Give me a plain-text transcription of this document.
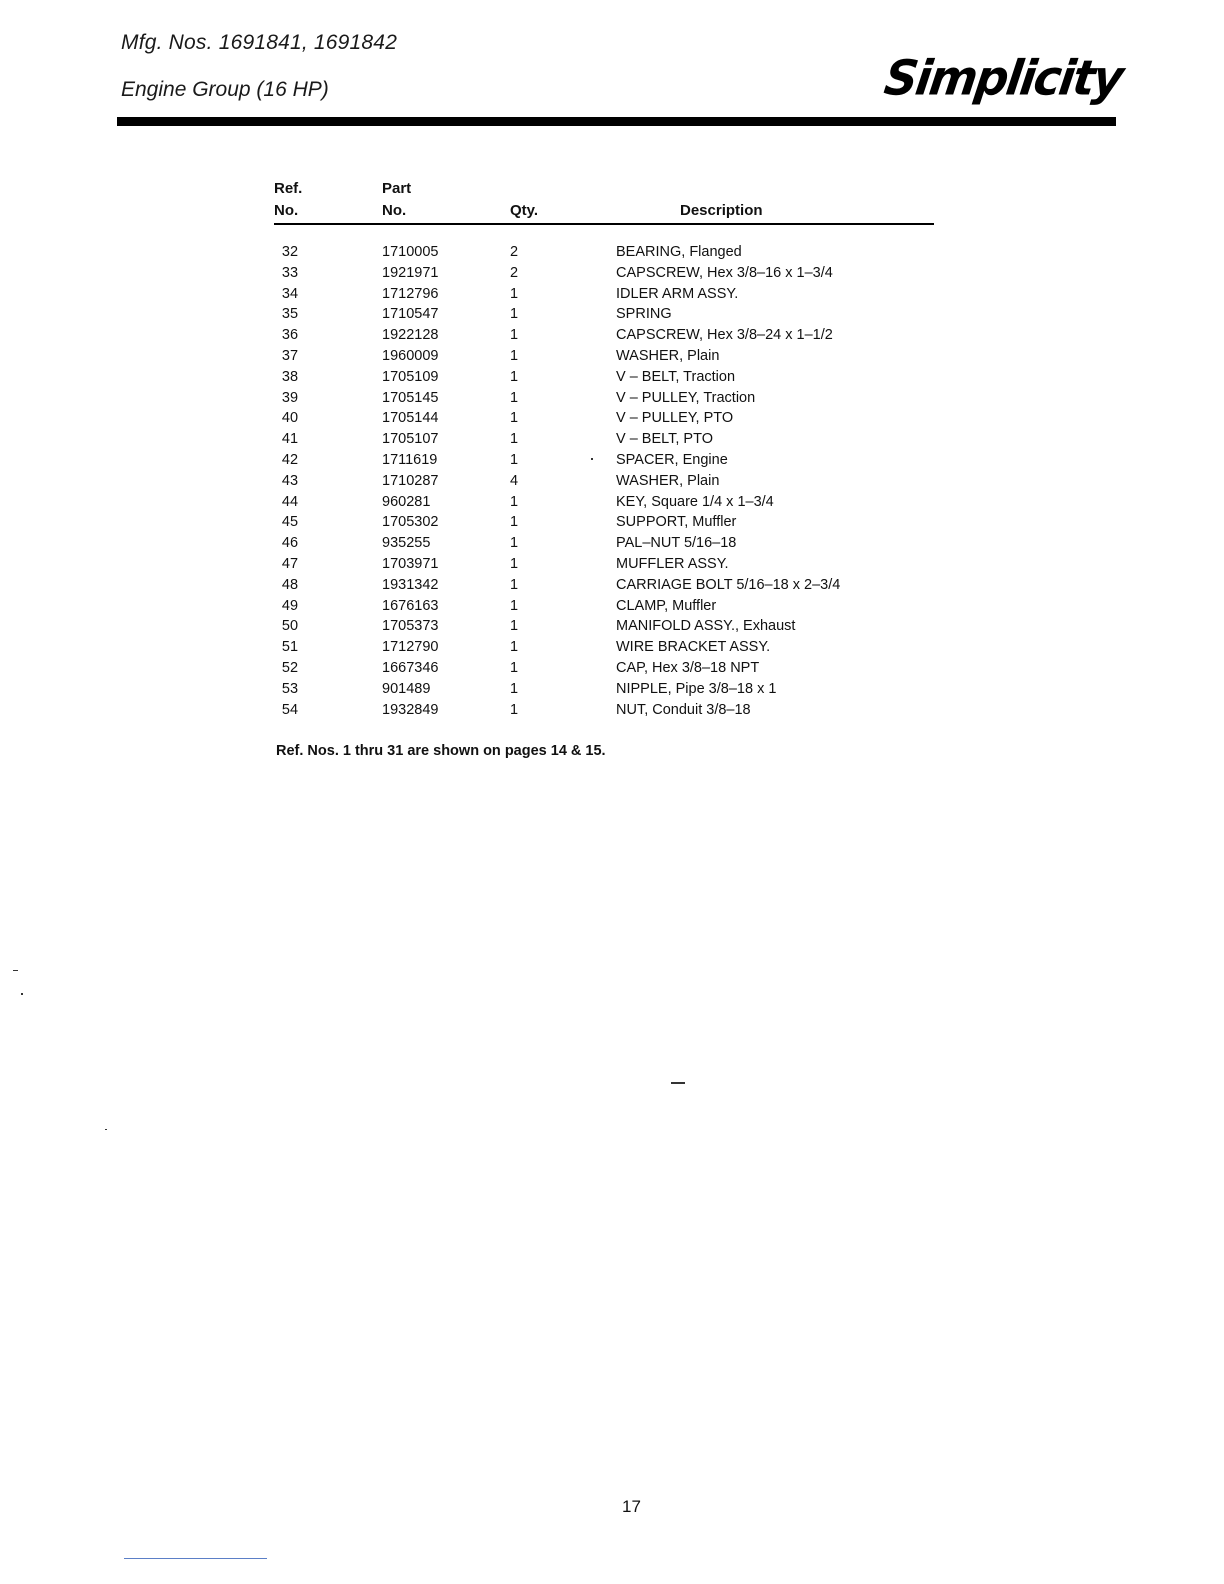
Mfg. Nos. 1691841, 1691842
Engine Group (16 HP)	Simplicity
Ref.
No.
Part
No.	Qty.	Description
32	1710005	2	BEARING, Flanged
33	1921971	2	CAPSCREW, Hex 3/8–16 x 1–3/4
34	1712796	1	IDLER ARM ASSY.
35	1710547	1	SPRING
36	1922128	1	CAPSCREW, Hex 3/8–24 x 1–1/2
37	1960009	1	WASHER, Plain
38	1705109	1	V – BELT, Traction
39	1705145	1	V – PULLEY, Traction
40	1705144	1	V – PULLEY, PTO
41	1705107	1	V – BELT, PTO
42	1711619	1	SPACER, Engine
43	1710287	4	WASHER, Plain
44	960281	1	KEY, Square 1/4 x 1–3/4
45	1705302	1	SUPPORT, Muffler
46	935255	1	PAL–NUT 5/16–18
47	1703971	1	MUFFLER ASSY.
48	1931342	1	CARRIAGE BOLT 5/16–18 x 2–3/4
49	1676163	1	CLAMP, Muffler
50	1705373	1	MANIFOLD ASSY., Exhaust
51	1712790	1	WIRE BRACKET ASSY.
52	1667346	1	CAP, Hex 3/8–18 NPT
53	901489	1	NIPPLE, Pipe 3/8–18 x 1
54	1932849	1	NUT, Conduit 3/8–18
Ref. Nos. 1 thru 31 are shown on pages 14 & 15.
17
